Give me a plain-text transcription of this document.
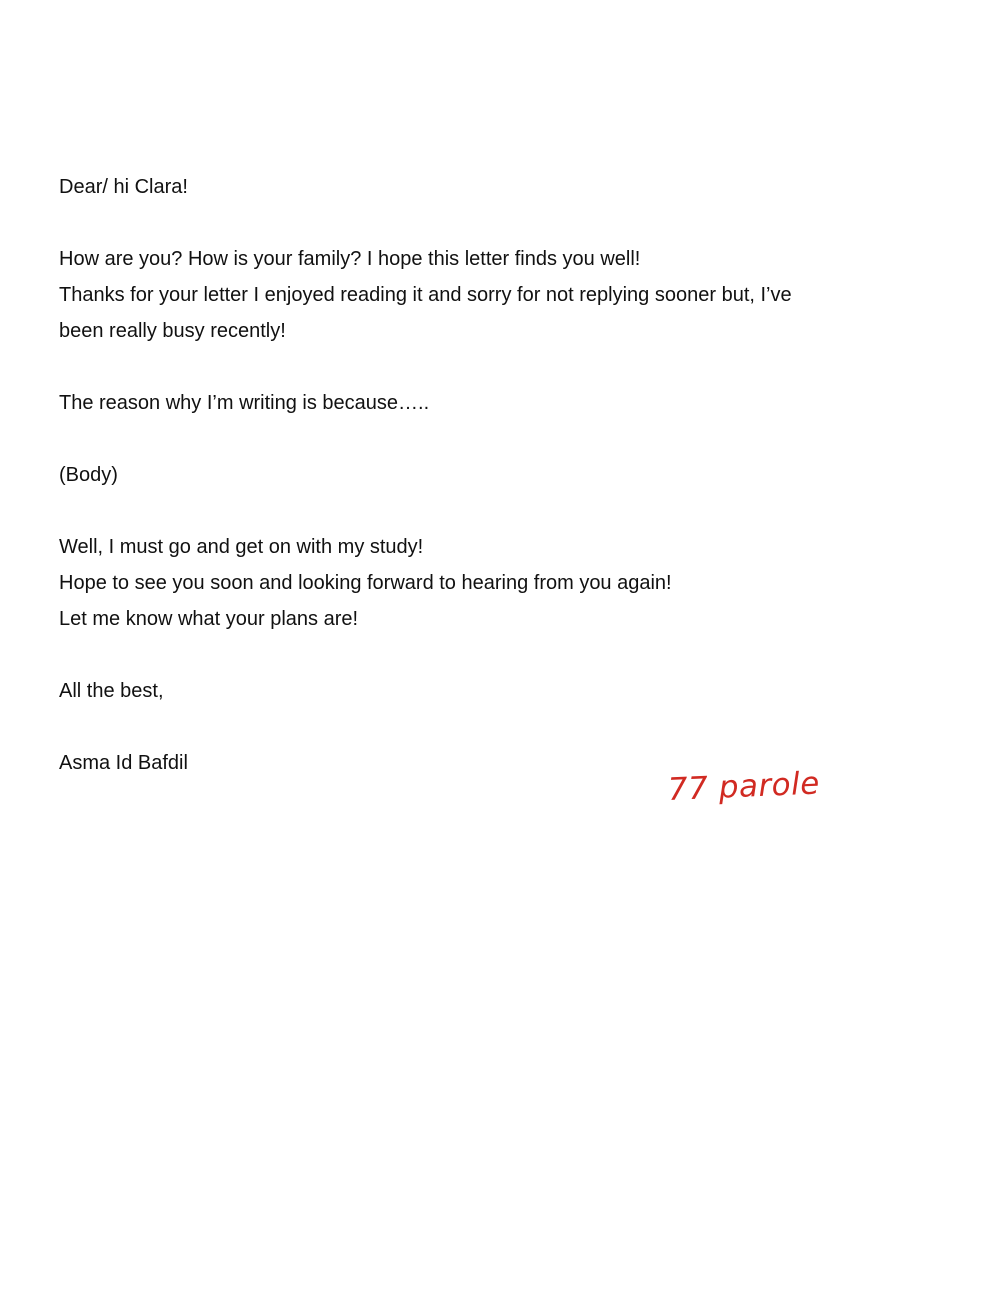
Dear/ hi Clara!
How are you? How is your family? I hope this letter finds you well!
Thanks for your letter I enjoyed reading it and sorry for not replying sooner but, I’ve
been really busy recently!
The reason why I’m writing is because…..
(Body)
Well, I must go and get on with my study!
Hope to see you soon and looking forward to hearing from you again!
Let me know what your plans are!
All the best,
Asma Id Bafdil
77 parole
